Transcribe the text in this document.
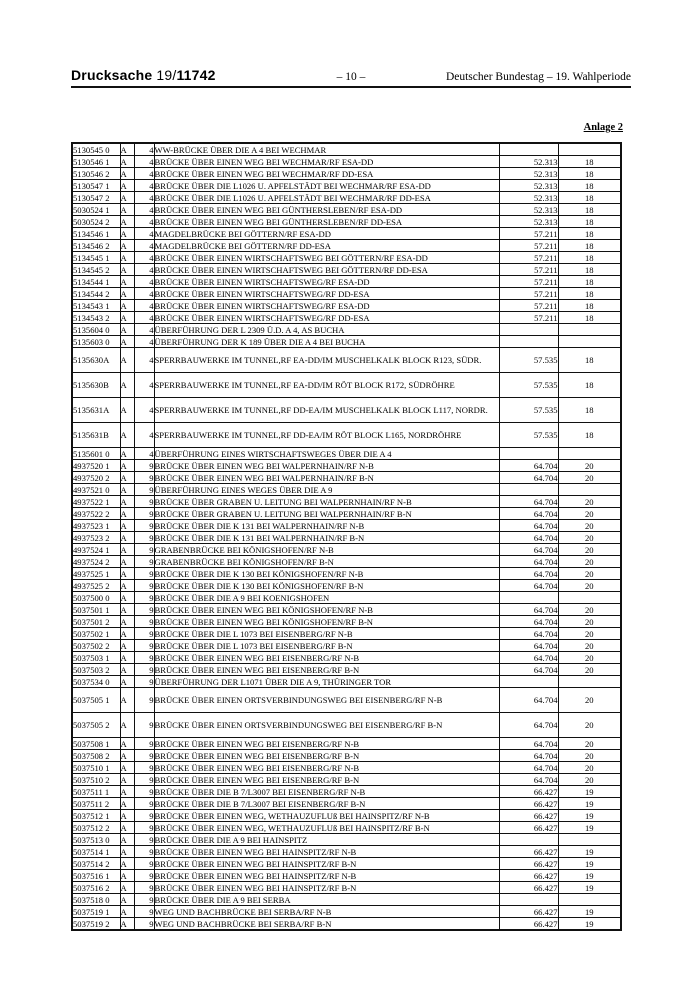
Drucksache 19/11742	– 10 –	Deutscher Bundestag – 19. Wahlperiode
Anlage 2
5130545 0	A	4	WW-BRÜCKE ÜBER DIE A 4 BEI WECHMAR		
5130546 1	A	4	BRÜCKE ÜBER EINEN WEG BEI WECHMAR/RF ESA-DD	52.313	18
5130546 2	A	4	BRÜCKE ÜBER EINEN WEG BEI WECHMAR/RF DD-ESA	52.313	18
5130547 1	A	4	BRÜCKE ÜBER DIE L1026 U. APFELSTÄDT BEI WECHMAR/RF ESA-DD	52.313	18
5130547 2	A	4	BRÜCKE ÜBER DIE L1026 U. APFELSTÄDT BEI WECHMAR/RF DD-ESA	52.313	18
5030524 1	A	4	BRÜCKE ÜBER EINEN WEG BEI GÜNTHERSLEBEN/RF ESA-DD	52.313	18
5030524 2	A	4	BRÜCKE ÜBER EINEN WEG BEI GÜNTHERSLEBEN/RF DD-ESA	52.313	18
5134546 1	A	4	MAGDELBRÜCKE BEI GÖTTERN/RF ESA-DD	57.211	18
5134546 2	A	4	MAGDELBRÜCKE BEI GÖTTERN/RF DD-ESA	57.211	18
5134545 1	A	4	BRÜCKE ÜBER EINEN WIRTSCHAFTSWEG BEI GÖTTERN/RF ESA-DD	57.211	18
5134545 2	A	4	BRÜCKE ÜBER EINEN WIRTSCHAFTSWEG BEI GÖTTERN/RF DD-ESA	57.211	18
5134544 1	A	4	BRÜCKE ÜBER EINEN WIRTSCHAFTSWEG/RF ESA-DD	57.211	18
5134544 2	A	4	BRÜCKE ÜBER EINEN WIRTSCHAFTSWEG/RF DD-ESA	57.211	18
5134543 1	A	4	BRÜCKE ÜBER EINEN WIRTSCHAFTSWEG/RF ESA-DD	57.211	18
5134543 2	A	4	BRÜCKE ÜBER EINEN WIRTSCHAFTSWEG/RF DD-ESA	57.211	18
5135604 0	A	4	ÜBERFÜHRUNG DER L 2309 Ü.D. A 4, AS BUCHA		
5135603 0	A	4	ÜBERFÜHRUNG DER K 189 ÜBER DIE A 4 BEI BUCHA		
5135630A	A	4	SPERRBAUWERKE IM TUNNEL,RF EA-DD/IM MUSCHELKALK BLOCK R123, SÜDR.	57.535	18
5135630B	A	4	SPERRBAUWERKE IM TUNNEL,RF EA-DD/IM RÖT BLOCK R172, SÜDRÖHRE	57.535	18
5135631A	A	4	SPERRBAUWERKE IM TUNNEL,RF DD-EA/IM MUSCHELKALK BLOCK L117, NORDR.	57.535	18
5135631B	A	4	SPERRBAUWERKE IM TUNNEL,RF DD-EA/IM RÖT BLOCK L165, NORDRÖHRE	57.535	18
5135601 0	A	4	ÜBERFÜHRUNG EINES WIRTSCHAFTSWEGES ÜBER DIE A 4		
4937520 1	A	9	BRÜCKE ÜBER EINEN WEG BEI WALPERNHAIN/RF N-B	64.704	20
4937520 2	A	9	BRÜCKE ÜBER EINEN WEG BEI WALPERNHAIN/RF B-N	64.704	20
4937521 0	A	9	ÜBERFÜHRUNG EINES WEGES ÜBER DIE A 9		
4937522 1	A	9	BRÜCKE ÜBER GRABEN U. LEITUNG BEI WALPERNHAIN/RF N-B	64.704	20
4937522 2	A	9	BRÜCKE ÜBER GRABEN U. LEITUNG BEI WALPERNHAIN/RF B-N	64.704	20
4937523 1	A	9	BRÜCKE ÜBER DIE K 131 BEI WALPERNHAIN/RF N-B	64.704	20
4937523 2	A	9	BRÜCKE ÜBER DIE K 131 BEI WALPERNHAIN/RF B-N	64.704	20
4937524 1	A	9	GRABENBRÜCKE BEI KÖNIGSHOFEN/RF N-B	64.704	20
4937524 2	A	9	GRABENBRÜCKE BEI KÖNIGSHOFEN/RF B-N	64.704	20
4937525 1	A	9	BRÜCKE ÜBER DIE K 130 BEI KÖNIGSHOFEN/RF N-B	64.704	20
4937525 2	A	9	BRÜCKE ÜBER DIE K 130 BEI KÖNIGSHOFEN/RF B-N	64.704	20
5037500 0	A	9	BRÜCKE ÜBER DIE A 9 BEI KOENIGSHOFEN		
5037501 1	A	9	BRÜCKE ÜBER EINEN WEG BEI KÖNIGSHOFEN/RF N-B	64.704	20
5037501 2	A	9	BRÜCKE ÜBER EINEN WEG BEI KÖNIGSHOFEN/RF B-N	64.704	20
5037502 1	A	9	BRÜCKE ÜBER DIE L 1073 BEI EISENBERG/RF N-B	64.704	20
5037502 2	A	9	BRÜCKE ÜBER DIE L 1073 BEI EISENBERG/RF B-N	64.704	20
5037503 1	A	9	BRÜCKE ÜBER EINEN WEG BEI EISENBERG/RF N-B	64.704	20
5037503 2	A	9	BRÜCKE ÜBER EINEN WEG BEI EISENBERG/RF B-N	64.704	20
5037534 0	A	9	ÜBERFÜHRUNG DER L1071 ÜBER DIE A 9, THÜRINGER TOR		
5037505 1	A	9	BRÜCKE ÜBER EINEN ORTSVERBINDUNGSWEG BEI EISENBERG/RF N-B	64.704	20
5037505 2	A	9	BRÜCKE ÜBER EINEN ORTSVERBINDUNGSWEG BEI EISENBERG/RF B-N	64.704	20
5037508 1	A	9	BRÜCKE ÜBER EINEN WEG BEI EISENBERG/RF N-B	64.704	20
5037508 2	A	9	BRÜCKE ÜBER EINEN WEG BEI EISENBERG/RF B-N	64.704	20
5037510 1	A	9	BRÜCKE ÜBER EINEN WEG BEI EISENBERG/RF N-B	64.704	20
5037510 2	A	9	BRÜCKE ÜBER EINEN WEG BEI EISENBERG/RF B-N	64.704	20
5037511 1	A	9	BRÜCKE ÜBER DIE B 7/L3007 BEI EISENBERG/RF N-B	66.427	19
5037511 2	A	9	BRÜCKE ÜBER DIE B 7/L3007 BEI EISENBERG/RF B-N	66.427	19
5037512 1	A	9	BRÜCKE ÜBER EINEN WEG, WETHAUZUFLUß BEI HAINSPITZ/RF N-B	66.427	19
5037512 2	A	9	BRÜCKE ÜBER EINEN WEG, WETHAUZUFLUß BEI HAINSPITZ/RF B-N	66.427	19
5037513 0	A	9	BRÜCKE ÜBER DIE A 9 BEI HAINSPITZ		
5037514 1	A	9	BRÜCKE ÜBER EINEN WEG BEI HAINSPITZ/RF N-B	66.427	19
5037514 2	A	9	BRÜCKE ÜBER EINEN WEG BEI HAINSPITZ/RF B-N	66.427	19
5037516 1	A	9	BRÜCKE ÜBER EINEN WEG BEI HAINSPITZ/RF N-B	66.427	19
5037516 2	A	9	BRÜCKE ÜBER EINEN WEG BEI HAINSPITZ/RF B-N	66.427	19
5037518 0	A	9	BRÜCKE ÜBER DIE A 9 BEI SERBA		
5037519 1	A	9	WEG UND BACHBRÜCKE BEI SERBA/RF N-B	66.427	19
5037519 2	A	9	WEG UND BACHBRÜCKE BEI SERBA/RF B-N	66.427	19
